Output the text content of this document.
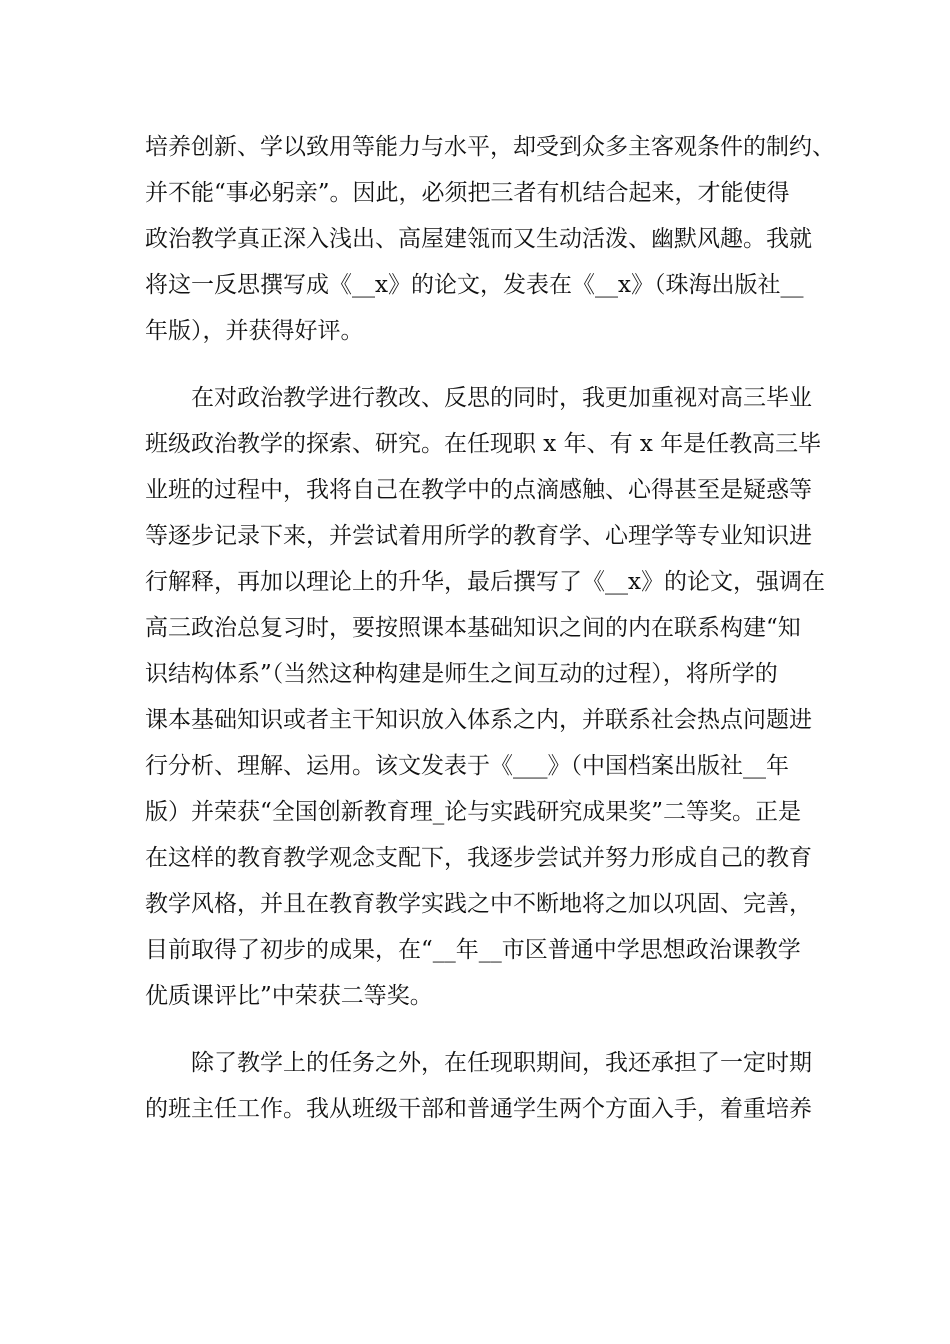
培养创新、学以致用等能力与水平，却受到众多主客观条件的制约、
并不能“事必躬亲”。因此，必须把三者有机结合起来，才能使得
政治教学真正深入浅出、高屋建瓴而又生动活泼、幽默风趣。我就
将这一反思撰写成《__x》的论文，发表在《__x》（珠海出版社__
年版），并获得好评。
在对政治教学进行教改、反思的同时，我更加重视对高三毕业
班级政治教学的探索、研究。在任现职 x 年、有 x 年是任教高三毕
业班的过程中，我将自己在教学中的点滴感触、心得甚至是疑惑等
等逐步记录下来，并尝试着用所学的教育学、心理学等专业知识进
行解释，再加以理论上的升华，最后撰写了《__x》的论文，强调在
高三政治总复习时，要按照课本基础知识之间的内在联系构建“知
识结构体系”（当然这种构建是师生之间互动的过程），将所学的
课本基础知识或者主干知识放入体系之内，并联系社会热点问题进
行分析、理解、运用。该文发表于《___》（中国档案出版社__年
版）并荣获“全国创新教育理_论与实践研究成果奖”二等奖。正是
在这样的教育教学观念支配下，我逐步尝试并努力形成自己的教育
教学风格，并且在教育教学实践之中不断地将之加以巩固、完善，
目前取得了初步的成果，在“__年__市区普通中学思想政治课教学
优质课评比”中荣获二等奖。
除了教学上的任务之外，在任现职期间，我还承担了一定时期
的班主任工作。我从班级干部和普通学生两个方面入手，着重培养
